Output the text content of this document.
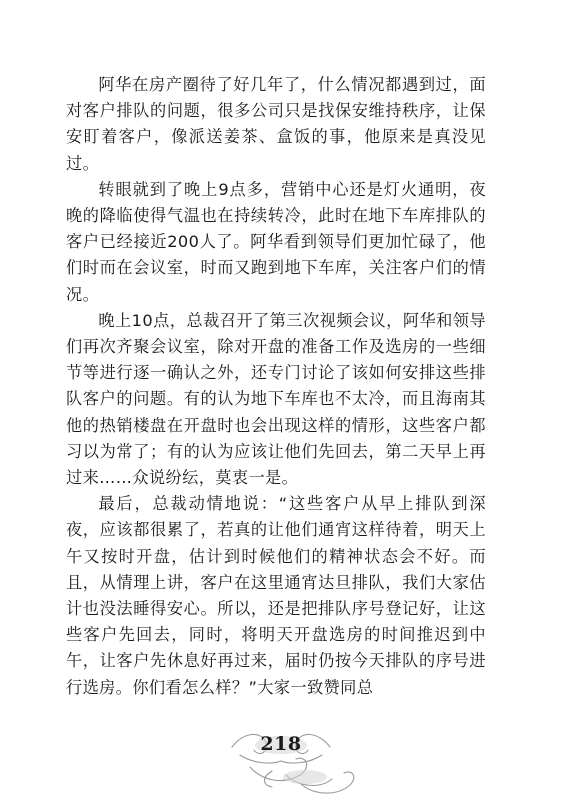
阿华在房产圈待了好几年了，什么情况都遇到过，面对客户排队的问题，很多公司只是找保安维持秩序，让保安盯着客户，像派送姜茶、盒饭的事，他原来是真没见过。

转眼就到了晚上9点多，营销中心还是灯火通明，夜晚的降临使得气温也在持续转冷，此时在地下车库排队的客户已经接近200人了。阿华看到领导们更加忙碌了，他们时而在会议室，时而又跑到地下车库，关注客户们的情况。

晚上10点，总裁召开了第三次视频会议，阿华和领导们再次齐聚会议室，除对开盘的准备工作及选房的一些细节等进行逐一确认之外，还专门讨论了该如何安排这些排队客户的问题。有的认为地下车库也不太冷，而且海南其他的热销楼盘在开盘时也会出现这样的情形，这些客户都习以为常了；有的认为应该让他们先回去，第二天早上再过来……众说纷纭，莫衷一是。

最后，总裁动情地说：“这些客户从早上排队到深夜，应该都很累了，若真的让他们通宵这样待着，明天上午又按时开盘，估计到时候他们的精神状态会不好。而且，从情理上讲，客户在这里通宵达旦排队，我们大家估计也没法睡得安心。所以，还是把排队序号登记好，让这些客户先回去，同时，将明天开盘选房的时间推迟到中午，让客户先休息好再过来，届时仍按今天排队的序号进行选房。你们看怎么样？”大家一致赞同总

218
